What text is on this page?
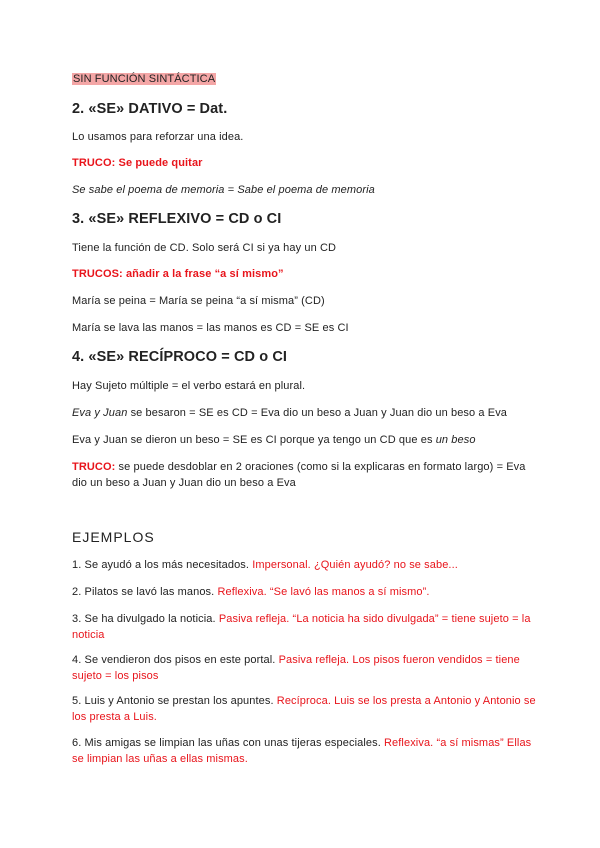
SIN FUNCIÓN SINTÁCTICA
2. «SE» DATIVO = Dat.
Lo usamos para reforzar una idea.
TRUCO: Se puede quitar
Se sabe el poema de memoria = Sabe el poema de memoria
3. «SE» REFLEXIVO = CD o CI
Tiene la función de CD. Solo será CI si ya hay un CD
TRUCOS: añadir a la frase “a sí mismo”
María se peina = María se peina “a sí misma” (CD)
María se lava las manos = las manos es CD = SE es CI
4. «SE» RECÍPROCO = CD o CI
Hay Sujeto múltiple = el verbo estará en plural.
Eva y Juan se besaron = SE es CD = Eva dio un beso a Juan y Juan dio un beso a Eva
Eva y Juan se dieron un beso = SE es CI porque ya tengo un CD que es un beso
TRUCO: se puede desdoblar en 2 oraciones (como si la explicaras en formato largo) = Eva dio un beso a Juan y Juan dio un beso a Eva
EJEMPLOS
1. Se ayudó a los más necesitados. Impersonal. ¿Quién ayudó? no se sabe...
2. Pilatos se lavó las manos. Reflexiva. “Se lavó las manos a sí mismo”.
3. Se ha divulgado la noticia. Pasiva refleja. “La noticia ha sido divulgada” = tiene sujeto = la noticia
4. Se vendieron dos pisos en este portal. Pasiva refleja. Los pisos fueron vendidos = tiene sujeto = los pisos
5. Luis y Antonio se prestan los apuntes. Recíproca. Luis se los presta a Antonio y Antonio se los presta a Luis.
6. Mis amigas se limpian las uñas con unas tijeras especiales. Reflexiva. “a sí mismas” Ellas se limpian las uñas a ellas mismas.
